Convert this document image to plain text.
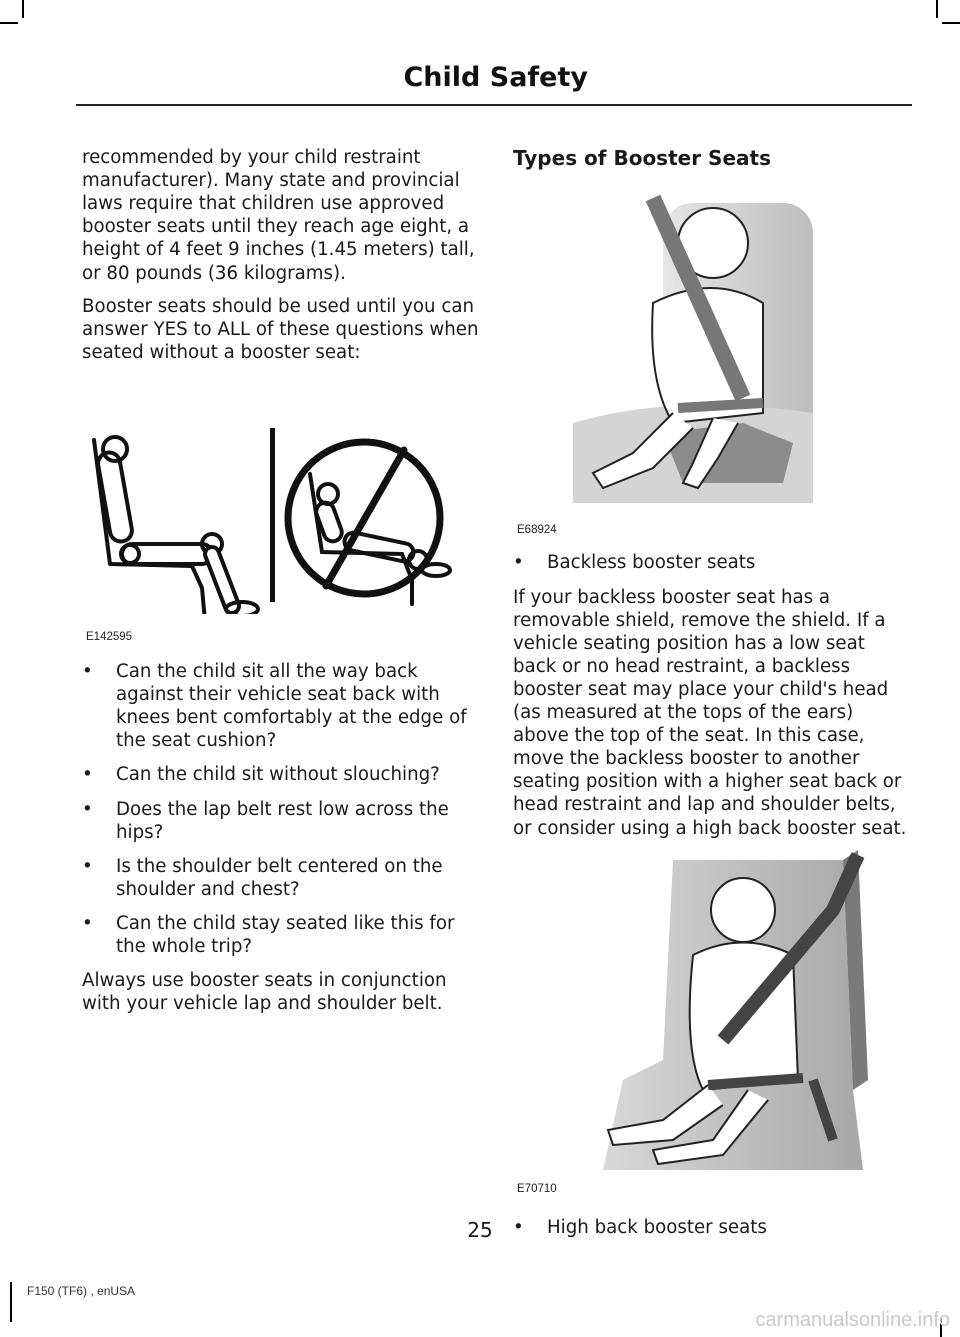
Child Safety

recommended by your child restraint manufacturer). Many state and provincial laws require that children use approved booster seats until they reach age eight, a height of 4 feet 9 inches (1.45 meters) tall, or 80 pounds (36 kilograms).

Booster seats should be used until you can answer YES to ALL of these questions when seated without a booster seat:

E142595
• Can the child sit all the way back against their vehicle seat back with knees bent comfortably at the edge of the seat cushion?
• Can the child sit without slouching?
• Does the lap belt rest low across the hips?
• Is the shoulder belt centered on the shoulder and chest?
• Can the child stay seated like this for the whole trip?

Always use booster seats in conjunction with your vehicle lap and shoulder belt.

Types of Booster Seats
E68924
• Backless booster seats

If your backless booster seat has a removable shield, remove the shield. If a vehicle seating position has a low seat back or no head restraint, a backless booster seat may place your child's head (as measured at the tops of the ears) above the top of the seat. In this case, move the backless booster to another seating position with a higher seat back or head restraint and lap and shoulder belts, or consider using a high back booster seat.

E70710
• High back booster seats
25
F150 (TF6) , enUSA
carmanualsonline.info
